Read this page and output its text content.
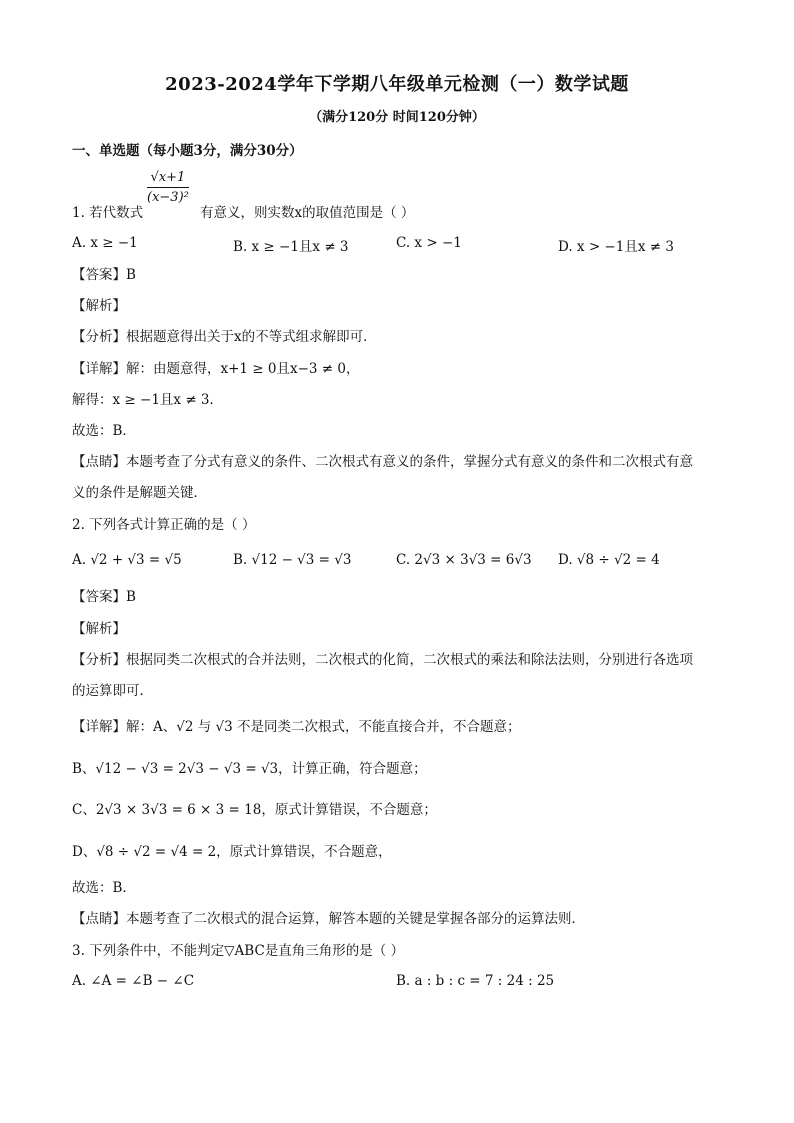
2023-2024学年下学期八年级单元检测（一）数学试题
（满分120分 时间120分钟）
一、单选题（每小题3分，满分30分）
$\frac{√x+1}{\text{(x−3)²}}$
1. 若代数式	有意义，则实数x的取值范围是（ ）
A. x ≥ −1	B. x ≥ −1且x ≠ 3	C. x > −1	D. x > −1且x ≠ 3
【答案】B
【解析】
【分析】根据题意得出关于x的不等式组求解即可．
【详解】解：由题意得，x+1 ≥ 0且x−3 ≠ 0，
解得：x ≥ −1且x ≠ 3．
故选：B．
【点睛】本题考查了分式有意义的条件、二次根式有意义的条件，掌握分式有意义的条件和二次根式有意
义的条件是解题关键．
2. 下列各式计算正确的是（ ）
A. √2 + √3 = √5	B. √12 − √3 = √3	C. 2√3 × 3√3 = 6√3 D. √8 ÷ √2 = 4
【答案】B
【解析】
【分析】根据同类二次根式的合并法则，二次根式的化简，二次根式的乘法和除法法则，分别进行各选项
的运算即可．
【详解】解：A、√2 与 √3 不是同类二次根式，不能直接合并，不合题意；
B、√12 − √3 = 2√3 − √3 = √3，计算正确，符合题意；
C、2√3 × 3√3 = 6 × 3 = 18，原式计算错误，不合题意；
D、√8 ÷ √2 = √4 = 2，原式计算错误，不合题意，
故选：B．
【点睛】本题考查了二次根式的混合运算，解答本题的关键是掌握各部分的运算法则．
3. 下列条件中，不能判定▽ABC是直角三角形的是（ ）
A. ∠A = ∠B − ∠C	B. a : b : c = 7 : 24 : 25
